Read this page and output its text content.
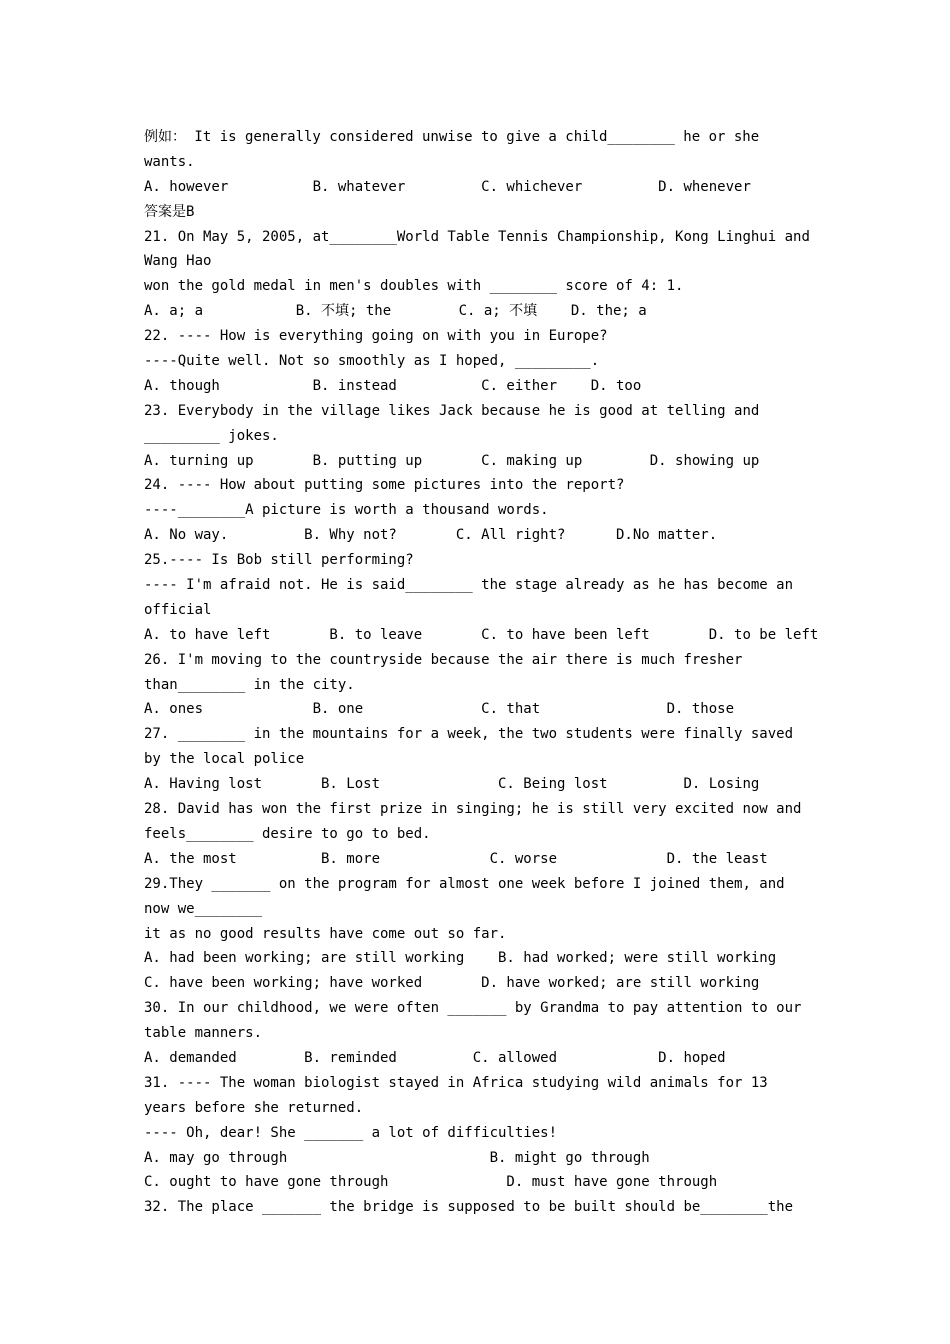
例如： It is generally considered unwise to give a child________ he or she
wants.
A. however          B. whatever         C. whichever         D. whenever
答案是B
21. On May 5, 2005, at________World Table Tennis Championship, Kong Linghui and
Wang Hao
won the gold medal in men's doubles with ________ score of 4: 1.
A. a; a           B. 不填; the        C. a; 不填    D. the; a
22. ---- How is everything going on with you in Europe?
----Quite well. Not so smoothly as I hoped, _________.
A. though           B. instead          C. either    D. too
23. Everybody in the village likes Jack because he is good at telling and
_________ jokes.
A. turning up       B. putting up       C. making up        D. showing up
24. ---- How about putting some pictures into the report?
----________A picture is worth a thousand words.
A. No way.         B. Why not?       C. All right?      D.No matter.
25.---- Is Bob still performing?
---- I'm afraid not. He is said________ the stage already as he has become an
official
A. to have left       B. to leave       C. to have been left       D. to be left
26. I'm moving to the countryside because the air there is much fresher
than________ in the city.
A. ones             B. one              C. that               D. those
27. ________ in the mountains for a week, the two students were finally saved
by the local police
A. Having lost       B. Lost              C. Being lost         D. Losing
28. David has won the first prize in singing; he is still very excited now and
feels________ desire to go to bed.
A. the most          B. more             C. worse             D. the least
29.They _______ on the program for almost one week before I joined them, and
now we________
it as no good results have come out so far.
A. had been working; are still working    B. had worked; were still working
C. have been working; have worked       D. have worked; are still working
30. In our childhood, we were often _______ by Grandma to pay attention to our
table manners.
A. demanded        B. reminded         C. allowed            D. hoped
31. ---- The woman biologist stayed in Africa studying wild animals for 13
years before she returned.
---- Oh, dear! She _______ a lot of difficulties!
A. may go through                        B. might go through
C. ought to have gone through              D. must have gone through
32. The place _______ the bridge is supposed to be built should be________the
